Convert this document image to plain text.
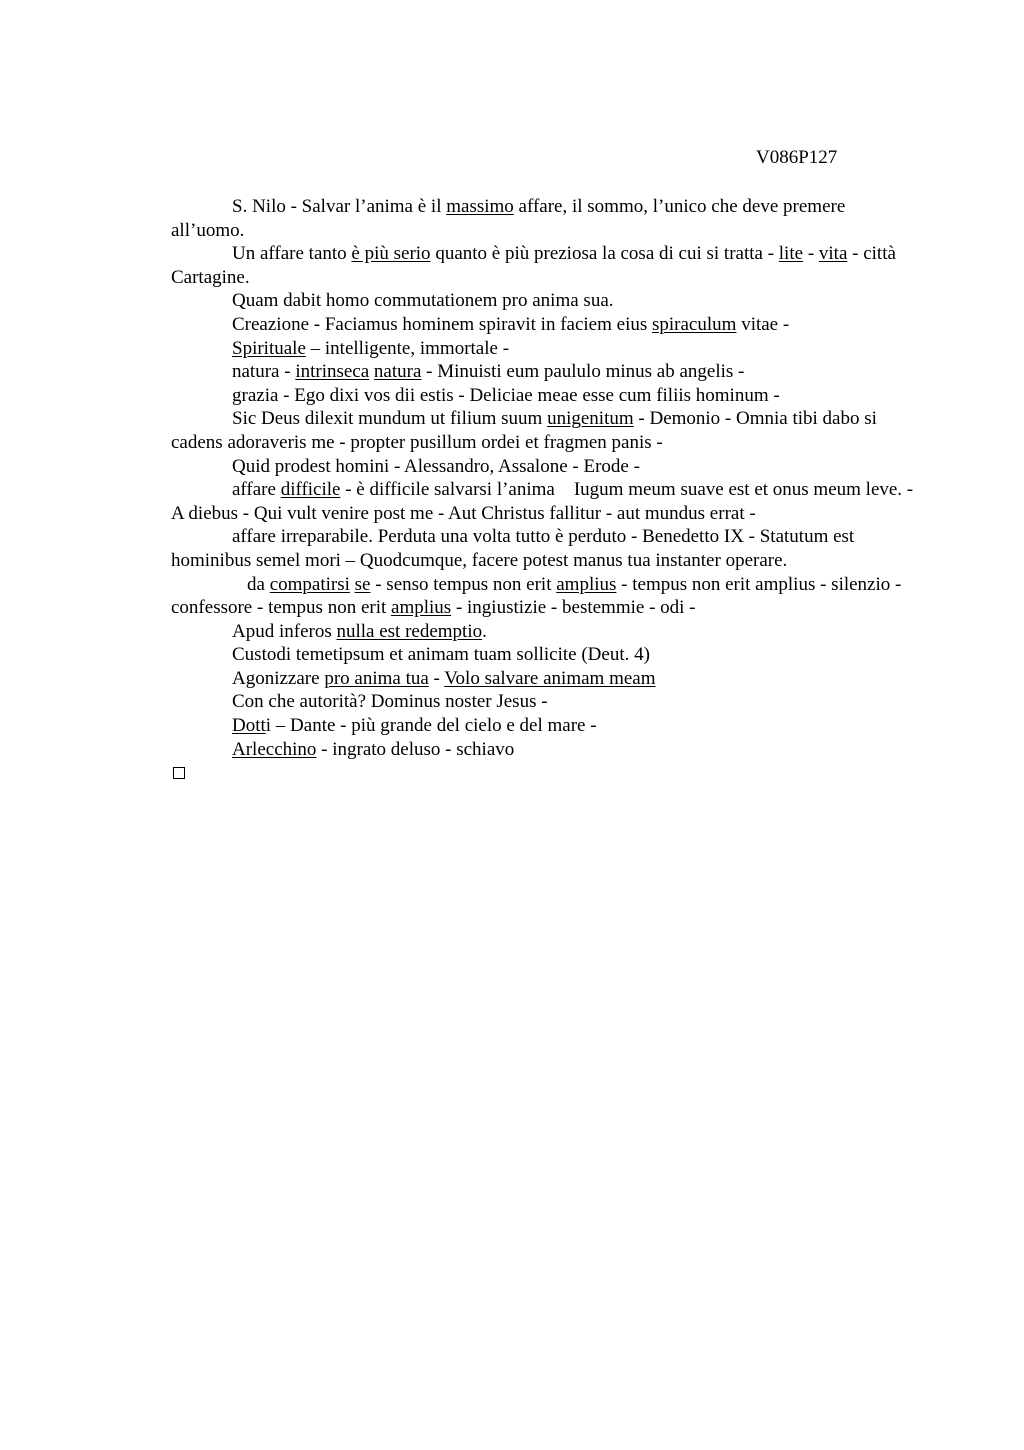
V086P127

S. Nilo - Salvar l’anima è il massimo affare, il sommo, l’unico che deve premere all’uomo.

Un affare tanto è più serio quanto è più preziosa la cosa di cui si tratta - lite - vita - città Cartagine.

Quam dabit homo commutationem pro anima sua.

Creazione - Faciamus hominem spiravit in faciem eius spiraculum vitae -

Spirituale – intelligente, immortale -

natura - intrinseca natura - Minuisti eum paululo minus ab angelis -

grazia - Ego dixi vos dii estis - Deliciae meae esse cum filiis hominum -

Sic Deus dilexit mundum ut filium suum unigenitum - Demonio - Omnia tibi dabo si cadens adoraveris me - propter pusillum ordei et fragmen panis -

Quid prodest homini - Alessandro, Assalone - Erode -

affare difficile - è difficile salvarsi l’anima    Iugum meum suave est et onus meum leve. - A diebus - Qui vult venire post me - Aut Christus fallitur - aut mundus errat -

affare irreparabile. Perduta una volta tutto è perduto - Benedetto IX - Statutum est hominibus semel mori – Quodcumque, facere potest manus tua instanter operare.

da compatirsi se - senso tempus non erit amplius - tempus non erit amplius - silenzio - confessore - tempus non erit amplius - ingiustizie - bestemmie - odi -

Apud inferos nulla est redemptio.

Custodi temetipsum et animam tuam sollicite (Deut. 4)

Agonizzare pro anima tua - Volo salvare animam meam

Con che autorità? Dominus noster Jesus -

Dotti – Dante - più grande del cielo e del mare -

Arlecchino - ingrato deluso - schiavo
